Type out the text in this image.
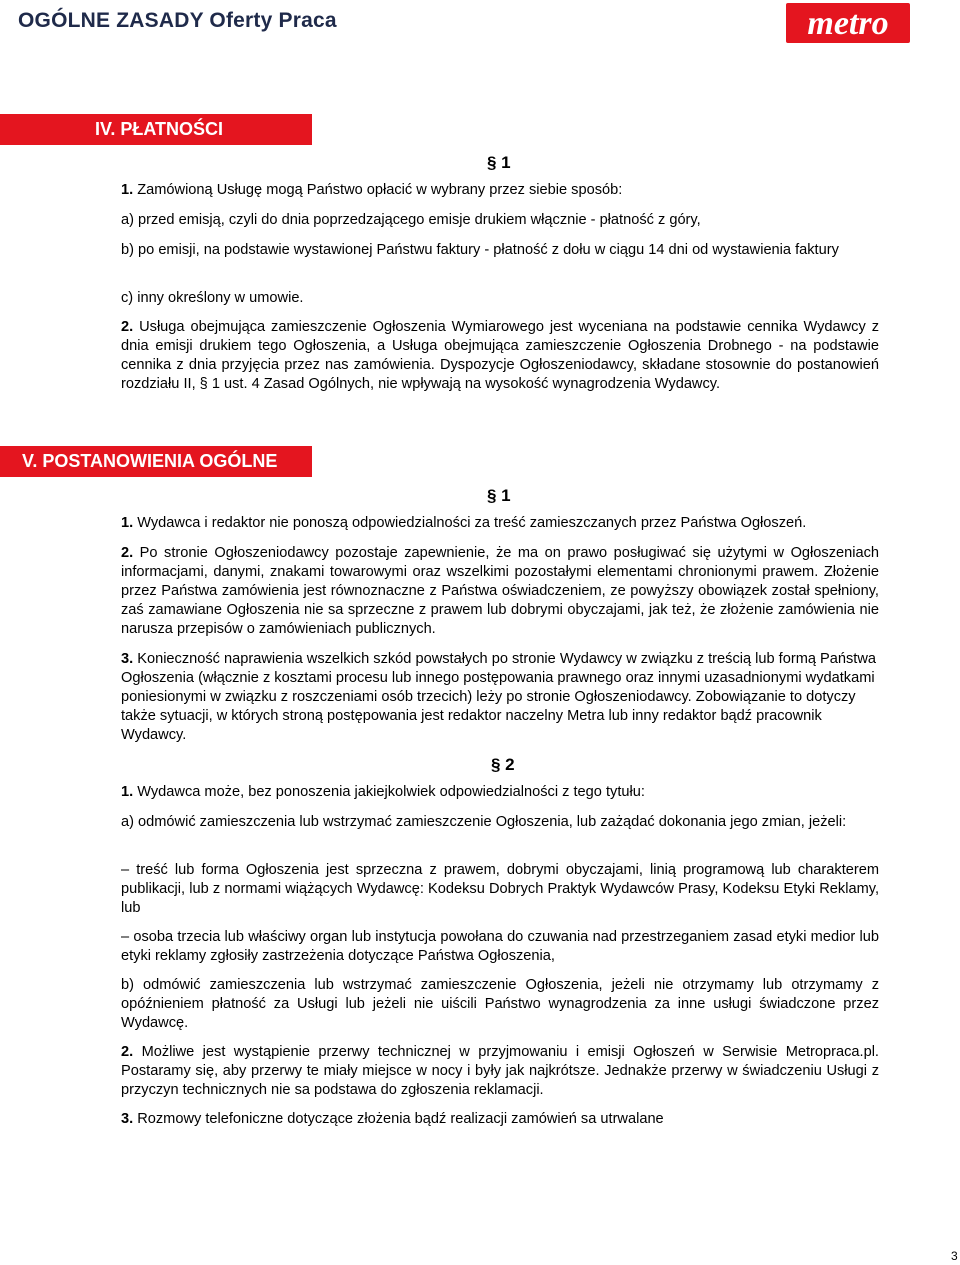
OGÓLNE ZASADY Oferty Praca	metro
IV. PŁATNOŚCI
§ 1
1. Zamówioną Usługę mogą Państwo opłacić w wybrany przez siebie sposób:
a) przed emisją, czyli do dnia poprzedzającego emisje drukiem włącznie - płatność z góry,
b) po emisji, na podstawie wystawionej Państwu faktury - płatność z dołu w ciągu 14 dni od wystawienia faktury
c) inny określony w umowie.
2. Usługa obejmująca zamieszczenie Ogłoszenia Wymiarowego jest wyceniana na podstawie cennika Wydawcy z dnia emisji drukiem tego Ogłoszenia, a Usługa obejmująca zamieszczenie Ogłoszenia Drobnego - na podstawie cennika z dnia przyjęcia przez nas zamówienia. Dyspozycje Ogłoszeniodawcy, składane stosownie do postanowień rozdziału II, § 1 ust. 4 Zasad Ogólnych, nie wpływają na wysokość wynagrodzenia Wydawcy.
V. POSTANOWIENIA OGÓLNE
§ 1
1. Wydawca i redaktor nie ponoszą odpowiedzialności za treść zamieszczanych przez Państwa Ogłoszeń.
2. Po stronie Ogłoszeniodawcy pozostaje zapewnienie, że ma on prawo posługiwać się użytymi w Ogłoszeniach informacjami, danymi, znakami towarowymi oraz wszelkimi pozostałymi elementami chronionymi prawem. Złożenie przez Państwa zamówienia jest równoznaczne z Państwa oświadczeniem, ze powyższy obowiązek został spełniony, zaś zamawiane Ogłoszenia nie sa sprzeczne z prawem lub dobrymi obyczajami, jak też, że złożenie zamówienia nie narusza przepisów o zamówieniach publicznych.
3. Konieczność naprawienia wszelkich szkód powstałych po stronie Wydawcy w związku z treścią lub formą Państwa Ogłoszenia (włącznie z kosztami procesu lub innego postępowania prawnego oraz innymi uzasadnionymi wydatkami poniesionymi w związku z roszczeniami osób trzecich) leży po stronie Ogłoszeniodawcy. Zobowiązanie to dotyczy także sytuacji, w których stroną postępowania jest redaktor naczelny Metra lub inny redaktor bądź pracownik Wydawcy.
§ 2
1. Wydawca może, bez ponoszenia jakiejkolwiek odpowiedzialności z tego tytułu:
a) odmówić zamieszczenia lub wstrzymać zamieszczenie Ogłoszenia, lub zażądać dokonania jego zmian, jeżeli:
– treść lub forma Ogłoszenia jest sprzeczna z prawem, dobrymi obyczajami, linią programową lub charakterem publikacji, lub z normami wiążących Wydawcę: Kodeksu Dobrych Praktyk Wydawców Prasy, Kodeksu Etyki Reklamy, lub
– osoba trzecia lub właściwy organ lub instytucja powołana do czuwania nad przestrzeganiem zasad etyki medior lub etyki reklamy zgłosiły zastrzeżenia dotyczące Państwa Ogłoszenia,
b) odmówić zamieszczenia lub wstrzymać zamieszczenie Ogłoszenia, jeżeli nie otrzymamy lub otrzymamy z opóźnieniem płatność za Usługi lub jeżeli nie uiścili Państwo wynagrodzenia za inne usługi świadczone przez Wydawcę.
2. Możliwe jest wystąpienie przerwy technicznej w przyjmowaniu i emisji Ogłoszeń w Serwisie Metropraca.pl. Postaramy się, aby przerwy te miały miejsce w nocy i były jak najkrótsze. Jednakże przerwy w świadczeniu Usługi z przyczyn technicznych nie sa podstawa do zgłoszenia reklamacji.
3. Rozmowy telefoniczne dotyczące złożenia bądź realizacji zamówień sa utrwalane
3
